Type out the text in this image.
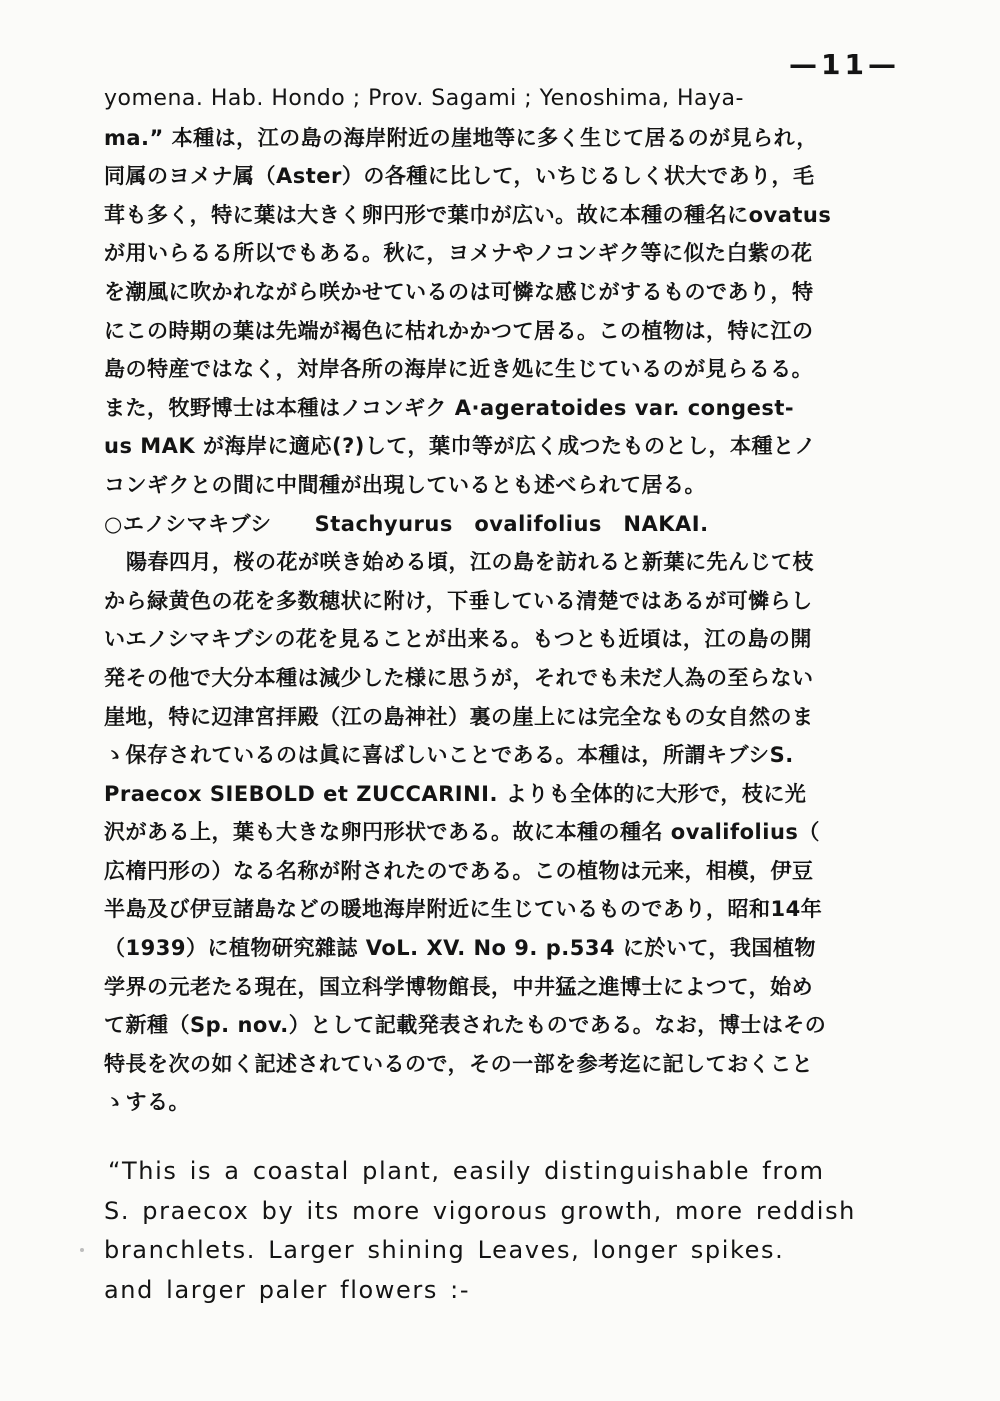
—11—
yomena. Hab. Hondo ; Prov. Sagami ; Yenoshima, Haya-
ma.” 本種は，江の島の海岸附近の崖地等に多く生じて居るのが見られ，
同属のヨメナ属（Aster）の各種に比して，いちじるしく状大であり，毛
茸も多く，特に葉は大きく卵円形で葉巾が広い。故に本種の種名にovatus
が用いらるる所以でもある。秋に，ヨメナやノコンギク等に似た白紫の花
を潮風に吹かれながら咲かせているのは可憐な感じがするものであり，特
にこの時期の葉は先端が褐色に枯れかかつて居る。この植物は，特に江の
島の特産ではなく，対岸各所の海岸に近き処に生じているのが見らるる。
また，牧野博士は本種はノコンギク A·ageratoides var. congest-
us MAK が海岸に適応(?)して，葉巾等が広く成つたものとし，本種とノ
コンギクとの間に中間種が出現しているとも述べられて居る。
○エノシマキブシ　　Stachyurus　ovalifolius　NAKAI.
陽春四月，桜の花が咲き始める頃，江の島を訪れると新葉に先んじて枝
から緑黄色の花を多数穂状に附け，下垂している清楚ではあるが可憐らし
いエノシマキブシの花を見ることが出来る。もつとも近頃は，江の島の開
発その他で大分本種は減少した様に思うが，それでも未だ人為の至らない
崖地，特に辺津宮拝殿（江の島神社）裏の崖上には完全なもの女自然のま
ゝ保存されているのは眞に喜ばしいことである。本種は，所謂キブシS.
Praecox SIEBOLD et ZUCCARINI. よりも全体的に大形で，枝に光
沢がある上，葉も大きな卵円形状である。故に本種の種名 ovalifolius（
広楕円形の）なる名称が附されたのである。この植物は元来，相模，伊豆
半島及び伊豆諸島などの暖地海岸附近に生じているものであり，昭和14年
（1939）に植物研究雜誌 VoL. XV. No 9. p.534 に於いて，我国植物
学界の元老たる現在，国立科学博物館長，中井猛之進博士によつて，始め
て新種（Sp. nov.）として記載発表されたものである。なお，博士はその
特長を次の如く記述されているので，その一部を参考迄に記しておくこと
ゝする。
“This is a coastal plant, easily distinguishable from
S. praecox by its more vigorous growth, more reddish
branchlets. Larger shining Leaves, longer spikes.
and larger paler flowers :-
